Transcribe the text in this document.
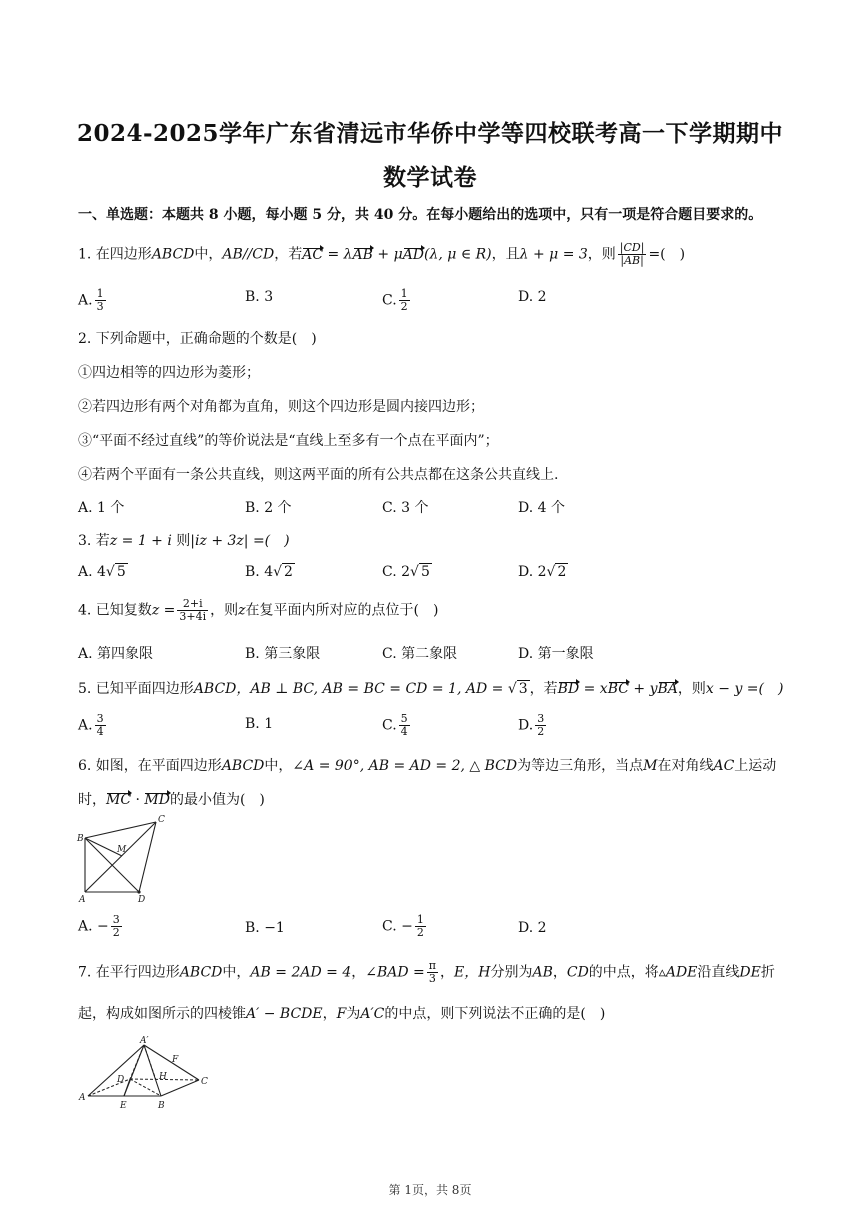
2024-2025学年广东省清远市华侨中学等四校联考高一下学期期中
数学试卷
一、单选题：本题共 8 小题，每小题 5 分，共 40 分。在每小题给出的选项中，只有一项是符合题目要求的。
1. 在四边形ABCD中，AB//CD，若AC = λAB + μAD(λ, μ ∈ R)，且λ + μ = 3，则 $\frac{|CD|}{|AB|}$ =(　)
A. $\frac{1}{3}$	B. 3	C. $\frac{1}{2}$	D. 2
2. 下列命题中，正确命题的个数是(　)
①四边相等的四边形为菱形；
②若四边形有两个对角都为直角，则这个四边形是圆内接四边形；
③“平面不经过直线”的等价说法是“直线上至多有一个点在平面内”；
④若两个平面有一条公共直线，则这两平面的所有公共点都在这条公共直线上.
A. 1 个	B. 2 个	C. 3 个	D. 4 个
3. 若z = 1 + i 则|iz + 3z| =(　)
A. 4√ 5	B. 4√ 2	C. 2√ 5	D. 2√ 2
4. 已知复数$z = \frac{2+i}{3+4i}$ ，则z在复平面内所对应的点位于(　)
A. 第四象限	B. 第三象限	C. 第二象限	D. 第一象限
5. 已知平面四边形ABCD，AB ⊥ BC, AB = BC = CD = 1, AD = √ 3 ，若BD = xBC + yBA，则x − y =(　)
A. $\frac{3}{4}$	B. 1	C. $\frac{5}{4}$	D. $\frac{3}{2}$
6. 如图，在平面四边形ABCD中，∠A = 90°, AB = AD = 2, △ BCD为等边三角形，当点M在对角线AC上运动
时，MC · MD的最小值为(　)
B
A	D
C
M
A. − $\frac{3}{2}$	B. −1	C. − $\frac{1}{2}$	D. 2
7. 在平行四边形ABCD中，AB = 2AD = 4，∠BAD = $\frac{\pi}{3}$ ，E，H分别为AB，CD的中点，将▵ADE沿直线DE折
起，构成如图所示的四棱锥A′ − BCDE，F为A′C的中点，则下列说法不正确的是(　)
A′
A
E	B
C
D	H
F
第 1页，共 8页
